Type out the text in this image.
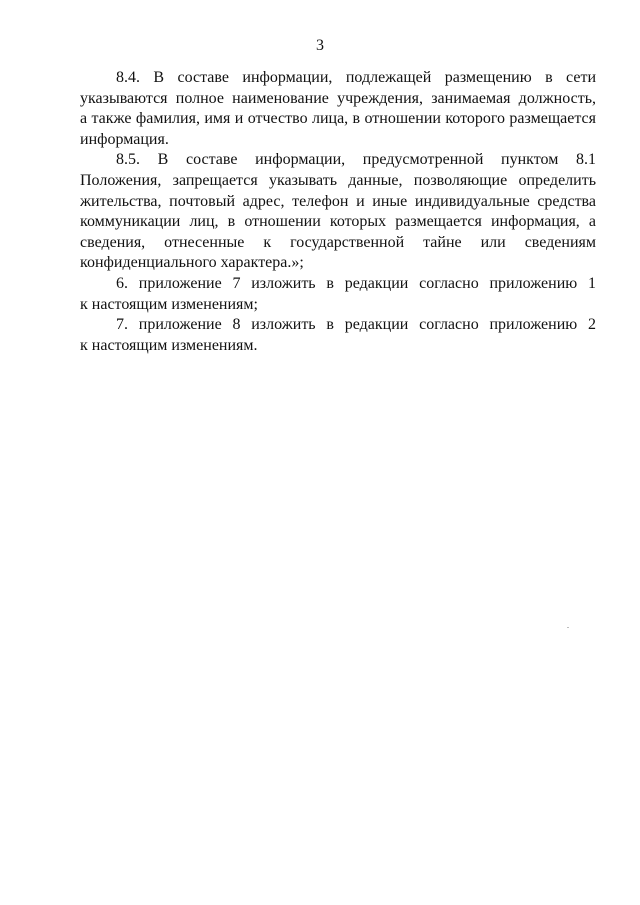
3
8.4. В составе информации, подлежащей размещению в сети
указываются полное наименование учреждения, занимаемая должность,
а также фамилия, имя и отчество лица, в отношении которого размещается
информация.
8.5. В составе информации, предусмотренной пунктом 8.1
Положения, запрещается указывать данные, позволяющие определить
жительства, почтовый адрес, телефон и иные индивидуальные средства
коммуникации лиц, в отношении которых размещается информация, а
сведения, отнесенные к государственной тайне или сведениям
конфиденциального характера.»;
6. приложение 7 изложить в редакции согласно приложению 1
к настоящим изменениям;
7. приложение 8 изложить в редакции согласно приложению 2
к настоящим изменениям.
